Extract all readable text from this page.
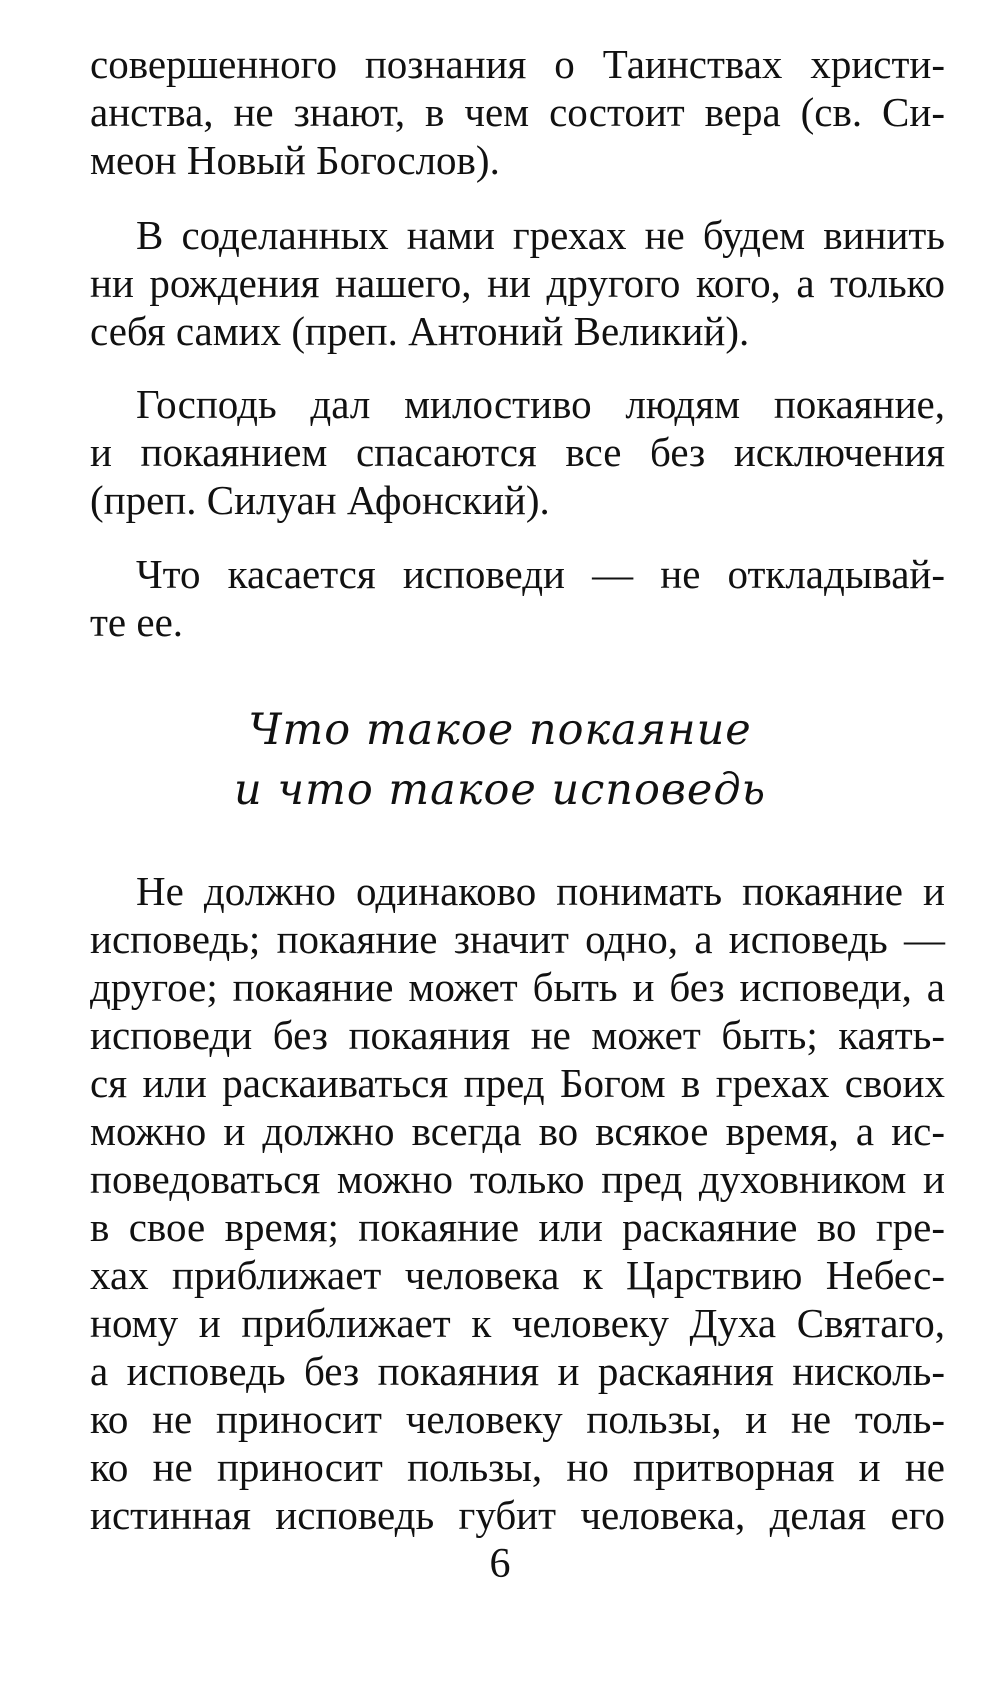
совершенного познания о Таинствах христи-
анства, не знают, в чем состоит вера (св. Си-
меон Новый Богослов).
В соделанных нами грехах не будем винить
ни рождения нашего, ни другого кого, а только
себя самих (преп. Антоний Великий).
Господь дал милостиво людям покаяние,
и покаянием спасаются все без исключения
(преп. Силуан Афонский).
Что касается исповеди — не откладывай-
те ее.
Что такое покаяние
и что такое исповедь
Не должно одинаково понимать покаяние и
исповедь; покаяние значит одно, а исповедь —
другое; покаяние может быть и без исповеди, а
исповеди без покаяния не может быть; каять-
ся или раскаиваться пред Богом в грехах своих
можно и должно всегда во всякое время, а ис-
поведоваться можно только пред духовником и
в свое время; покаяние или раскаяние во гре-
хах приближает человека к Царствию Небес-
ному и приближает к человеку Духа Святаго,
а исповедь без покаяния и раскаяния нисколь-
ко не приносит человеку пользы, и не толь-
ко не приносит пользы, но притворная и не
истинная исповедь губит человека, делая его
6
